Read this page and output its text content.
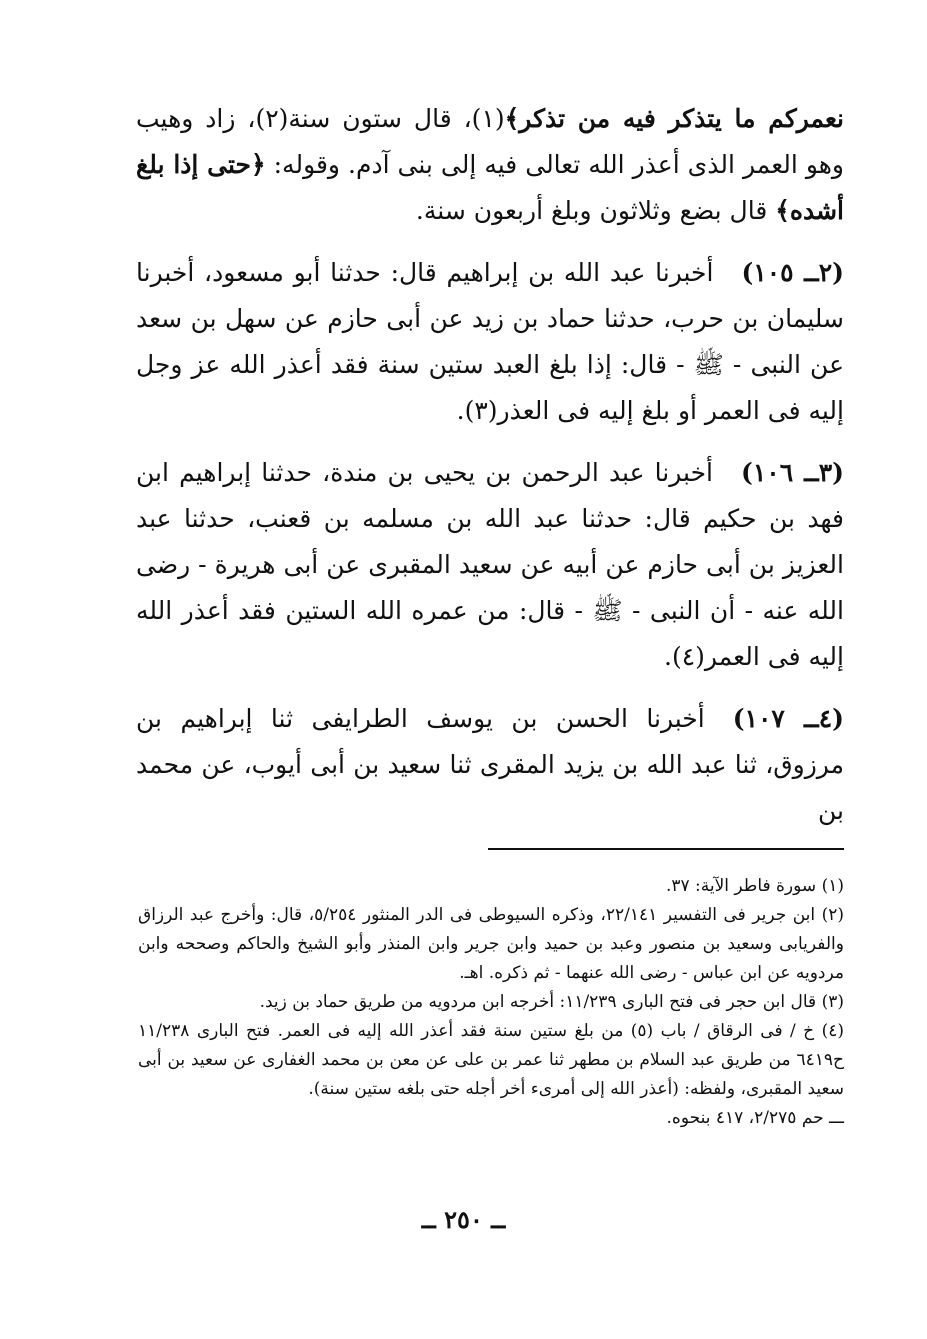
نعمركم ما يتذكر فيه من تذكر﴾(١)، قال ستون سنة(٢)، زاد وهيب وهو العمر الذى أعذر الله تعالى فيه إلى بنى آدم. وقوله: ﴿حتى إذا بلغ أشده﴾ قال بضع وثلاثون وبلغ أربعون سنة.

(٢ــ ١٠٥)أخبرنا عبد الله بن إبراهيم قال: حدثنا أبو مسعود، أخبرنا سليمان بن حرب، حدثنا حماد بن زيد عن أبى حازم عن سهل بن سعد عن النبى - ﷺ - قال: إذا بلغ العبد ستين سنة فقد أعذر الله عز وجل إليه فى العمر أو بلغ إليه فى العذر(٣).

(٣ــ ١٠٦)أخبرنا عبد الرحمن بن يحيى بن مندة، حدثنا إبراهيم ابن فهد بن حكيم قال: حدثنا عبد الله بن مسلمه بن قعنب، حدثنا عبد العزيز بن أبى حازم عن أبيه عن سعيد المقبرى عن أبى هريرة - رضى الله عنه - أن النبى - ﷺ - قال: من عمره الله الستين فقد أعذر الله إليه فى العمر(٤).

(٤ــ ١٠٧)أخبرنا الحسن بن يوسف الطرايفى ثنا إبراهيم بن مرزوق، ثنا عبد الله بن يزيد المقرى ثنا سعيد بن أبى أيوب، عن محمد بن

(١) سورة فاطر الآية: ٣٧.

(٢) ابن جرير فى التفسير ٢٢/١٤١، وذكره السيوطى فى الدر المنثور ٥/٢٥٤، قال: وأخرج عبد الرزاق والفريابى وسعيد بن منصور وعبد بن حميد وابن جرير وابن المنذر وأبو الشيخ والحاكم وصححه وابن مردويه عن ابن عباس - رضى الله عنهما - ثم ذكره. اهـ.

(٣) قال ابن حجر فى فتح البارى ١١/٢٣٩: أخرجه ابن مردويه من طريق حماد بن زيد.

(٤) خ / فى الرقاق / باب (٥) من بلغ ستين سنة فقد أعذر الله إليه فى العمر. فتح البارى ١١/٢٣٨ ح٦٤١٩ من طريق عبد السلام بن مطهر ثنا عمر بن على عن معن بن محمد الغفارى عن سعيد بن أبى سعيد المقبرى، ولفظه: (أعذر الله إلى أمرىء أخر أجله حتى بلغه ستين سنة).

ـــ حم ٢/٢٧٥، ٤١٧ بنحوه.

ــ ٢٥٠ ــ
